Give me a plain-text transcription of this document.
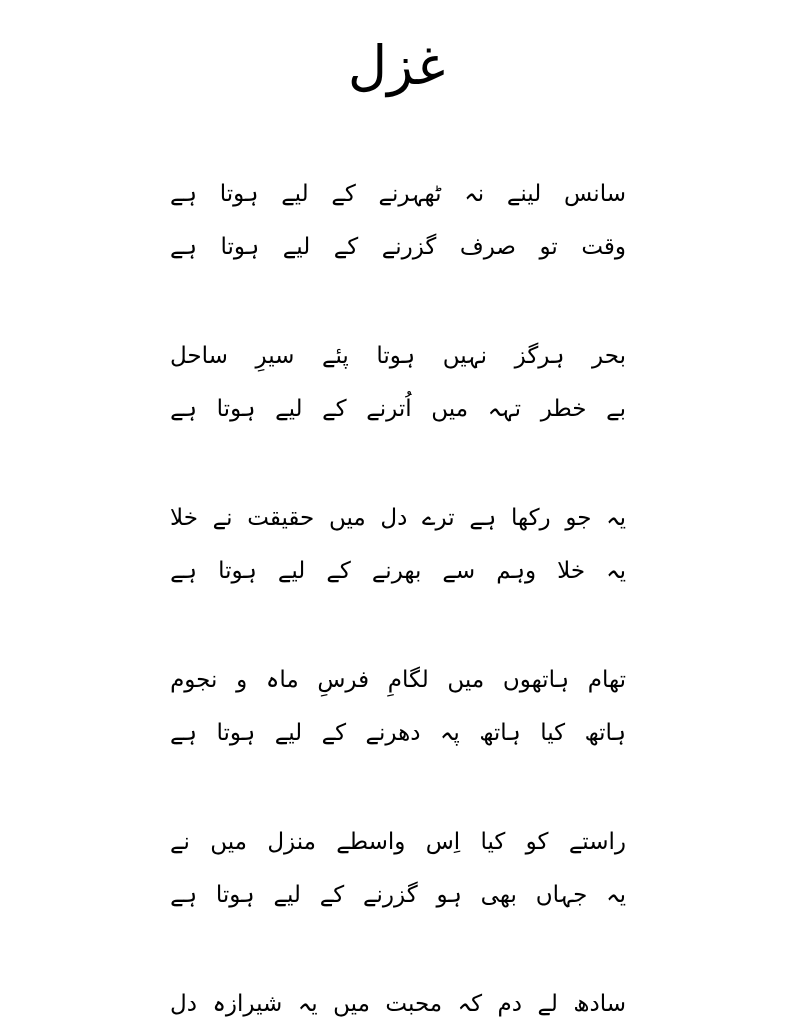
غزل
سانس
لینے
نہ
ٹھہرنے
کے
لیے
ہوتا
ہے
وقت
تو
صرف
گزرنے
کے
لیے
ہوتا
ہے
بحر
ہرگز
نہیں
ہوتا
پئے
سیرِ
ساحل
بے
خطر
تہہ
میں
اُترنے
کے
لیے
ہوتا
ہے
یہ
جو
رکھا
ہے
ترے
دل
میں
حقیقت
نے
خلا
یہ
خلا
وہم
سے
بھرنے
کے
لیے
ہوتا
ہے
تھام
ہاتھوں
میں
لگامِ
فرسِ
ماہ
و
نجوم
ہاتھ
کیا
ہاتھ
پہ
دھرنے
کے
لیے
ہوتا
ہے
راستے
کو
کیا
اِس
واسطے
منزل
میں
نے
یہ
جہاں
بھی
ہو
گزرنے
کے
لیے
ہوتا
ہے
سادھ
لے
دم
کہ
محبت
میں
یہ
شیرازہ
دل
